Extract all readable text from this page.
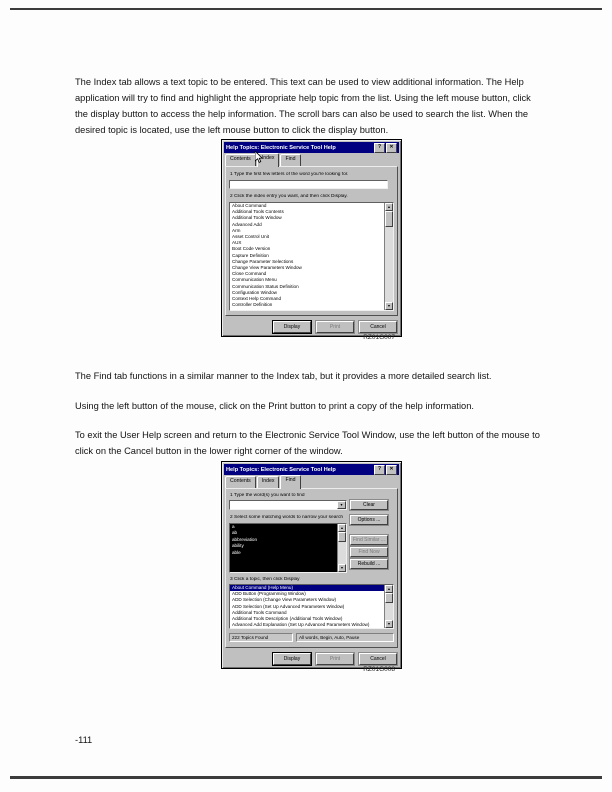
The Index tab allows a text topic to be entered. This text can be used to view additional information. The Help application will try to find and highlight the appropriate help topic from the list. Using the left mouse button, click the display button to access the help information. The scroll bars can also be used to search the list. When the desired topic is located, use the left mouse button to click the display button.

Help Topics: Electronic Service Tool Help	?	✕
Contents	Index	Find
1 Type the first few letters of the word you're looking for.
2 Click the index entry you want, and then click Display.
About Command
Additional Tools Contents
Additional Tools Window
Advanced Add
Arm
Asset Control Unit
AUX
Boot Code Version
Capture Definition
Change Parameter Selections
Change View Parameters Window
Close Command
Communication Menu
Communication Status Definition
Configuration Window
Context Help Command
Controller Definition
▲
▼
Display	Print	Cancel
RZ01G007

The Find tab functions in a similar manner to the Index tab, but it provides a more detailed search list.

Using the left button of the mouse, click on the Print button to print a copy of the help information.

To exit the User Help screen and return to the Electronic Service Tool Window, use the left button of the mouse to click on the Cancel button in the lower right corner of the window.

Help Topics: Electronic Service Tool Help	?	✕
Contents	Index	Find
1 Type the word(s) you want to find
▼	Clear
2 Select some matching words to narrow your search	Options ...
a
ab
abbreviation
ability
able
▲
▼
Find Similar ...
Find Now
Rebuild ...
3 Click a topic, then click Display
About Command (Help Menu)
ADD Button (Programming Window)
ADD Selection (Change View Parameters Window)
ADD Selection (Set Up Advanced Parameters Window)
Additional Tools Command
Additional Tools Description (Additional Tools Window)
Advanced Add Explanation (Set Up Advanced Parameters Window)
▲
▼
222 Topics Found	All words, Begin, Auto, Pause
Display	Print	Cancel
RZ01G008
-111
